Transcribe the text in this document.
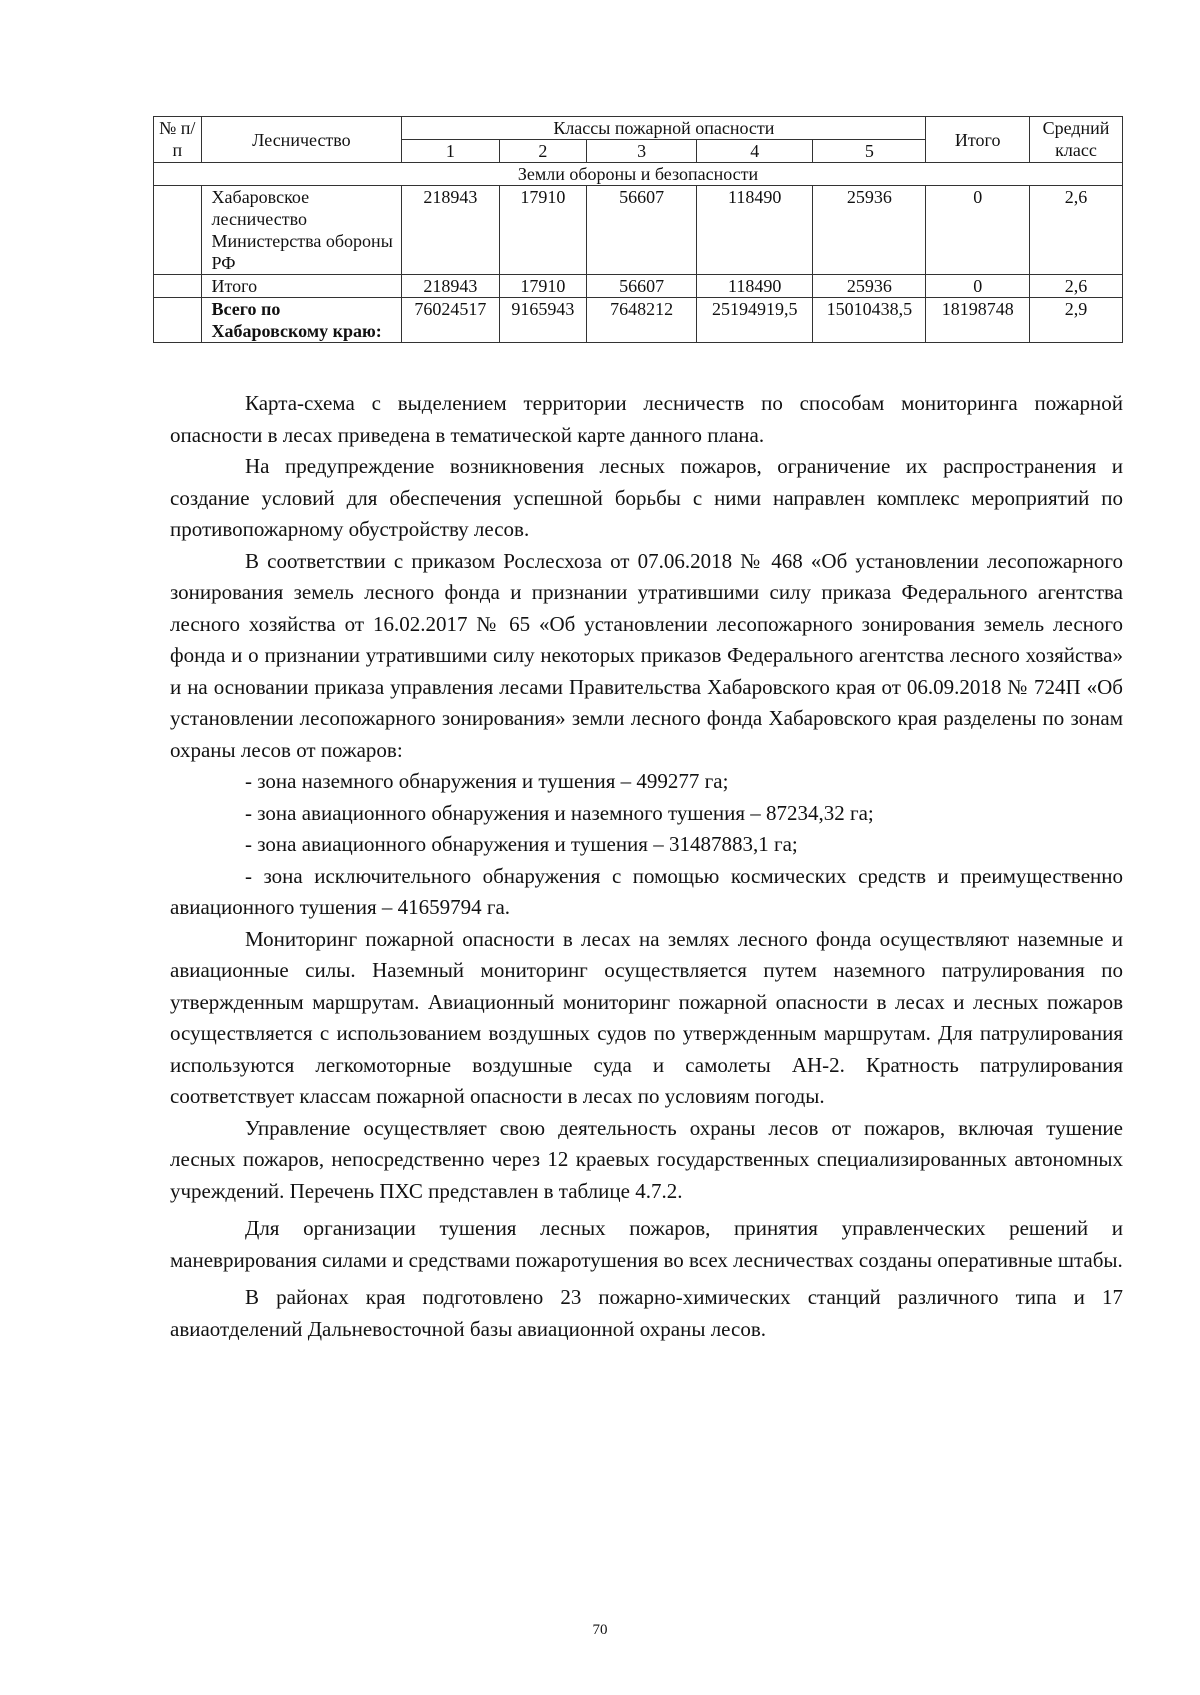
№ п/п	Лесничество	Классы пожарной опасности					Итого	Средний класс
		1	2	3	4	5		
Земли обороны и безопасности								
	Хабаровское лесничество Министерства обороны РФ	218943	17910	56607	118490	25936	0	2,6
	Итого	218943	17910	56607	118490	25936	0	2,6
	Всего по Хабаровскому краю:	76024517	9165943	7648212	25194919,5	15010438,5	18198748	2,9

Карта-схема с выделением территории лесничеств по способам мониторинга пожарной опасности в лесах приведена в тематической карте данного плана.

На предупреждение возникновения лесных пожаров, ограничение их распространения и создание условий для обеспечения успешной борьбы с ними направлен комплекс мероприятий по противопожарному обустройству лесов.

В соответствии с приказом Рослесхоза от 07.06.2018 № 468 «Об установлении лесопожарного зонирования земель лесного фонда и признании утратившими силу приказа Федерального агентства лесного хозяйства от 16.02.2017 № 65 «Об установлении лесопожарного зонирования земель лесного фонда и о признании утратившими силу некоторых приказов Федерального агентства лесного хозяйства» и на основании приказа управления лесами Правительства Хабаровского края от 06.09.2018 № 724П «Об установлении лесопожарного зонирования» земли лесного фонда Хабаровского края разделены по зонам охраны лесов от пожаров:

- зона наземного обнаружения и тушения – 499277 га;

- зона авиационного обнаружения и наземного тушения – 87234,32 га;

- зона авиационного обнаружения и тушения – 31487883,1 га;

- зона исключительного обнаружения с помощью космических средств и преимущественно авиационного тушения – 41659794 га.

Мониторинг пожарной опасности в лесах на землях лесного фонда осуществляют наземные и авиационные силы. Наземный мониторинг осуществляется путем наземного патрулирования по утвержденным маршрутам. Авиационный мониторинг пожарной опасности в лесах и лесных пожаров осуществляется с использованием воздушных судов по утвержденным маршрутам. Для патрулирования используются легкомоторные воздушные суда и самолеты АН-2. Кратность патрулирования соответствует классам пожарной опасности в лесах по условиям погоды.

Управление осуществляет свою деятельность охраны лесов от пожаров, включая тушение лесных пожаров, непосредственно через 12 краевых государственных специализированных автономных учреждений. Перечень ПХС представлен в таблице 4.7.2.

Для организации тушения лесных пожаров, принятия управленческих решений и маневрирования силами и средствами пожаротушения во всех лесничествах созданы оперативные штабы.

В районах края подготовлено 23 пожарно-химических станций различного типа и 17 авиаотделений Дальневосточной базы авиационной охраны лесов.

70
